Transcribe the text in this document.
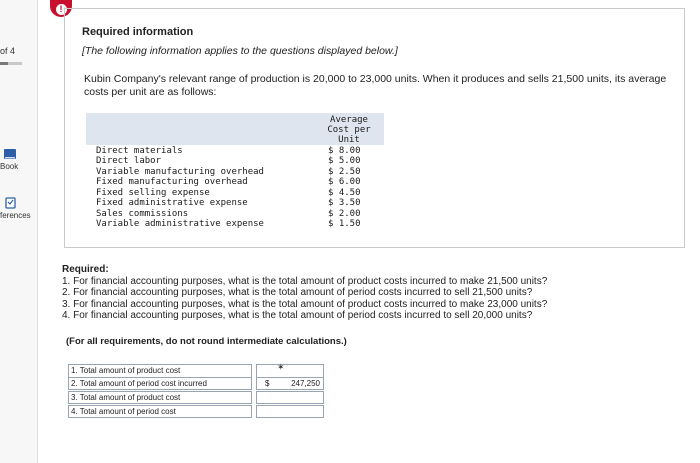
of 4
Book
ferences
!
Required information
[The following information applies to the questions displayed below.]
Kubin Company's relevant range of production is 20,000 to 23,000 units. When it produces and sells 21,500 units, its average costs per unit are as follows:
Average
Cost per
Unit
Direct materials	$ 8.00
Direct labor	$ 5.00
Variable manufacturing overhead	$ 2.50
Fixed manufacturing overhead	$ 6.00
Fixed selling expense	$ 4.50
Fixed administrative expense	$ 3.50
Sales commissions	$ 2.00
Variable administrative expense	$ 1.50
Required:
1. For financial accounting purposes, what is the total amount of product costs incurred to make 21,500 units?
2. For financial accounting purposes, what is the total amount of period costs incurred to sell 21,500 units?
3. For financial accounting purposes, what is the total amount of product costs incurred to make 23,000 units?
4. For financial accounting purposes, what is the total amount of period costs incurred to sell 20,000 units?
(For all requirements, do not round intermediate calculations.)
1. Total amount of product cost
2. Total amount of period cost incurred	$	247,250
3. Total amount of product cost
4. Total amount of period cost
✶
